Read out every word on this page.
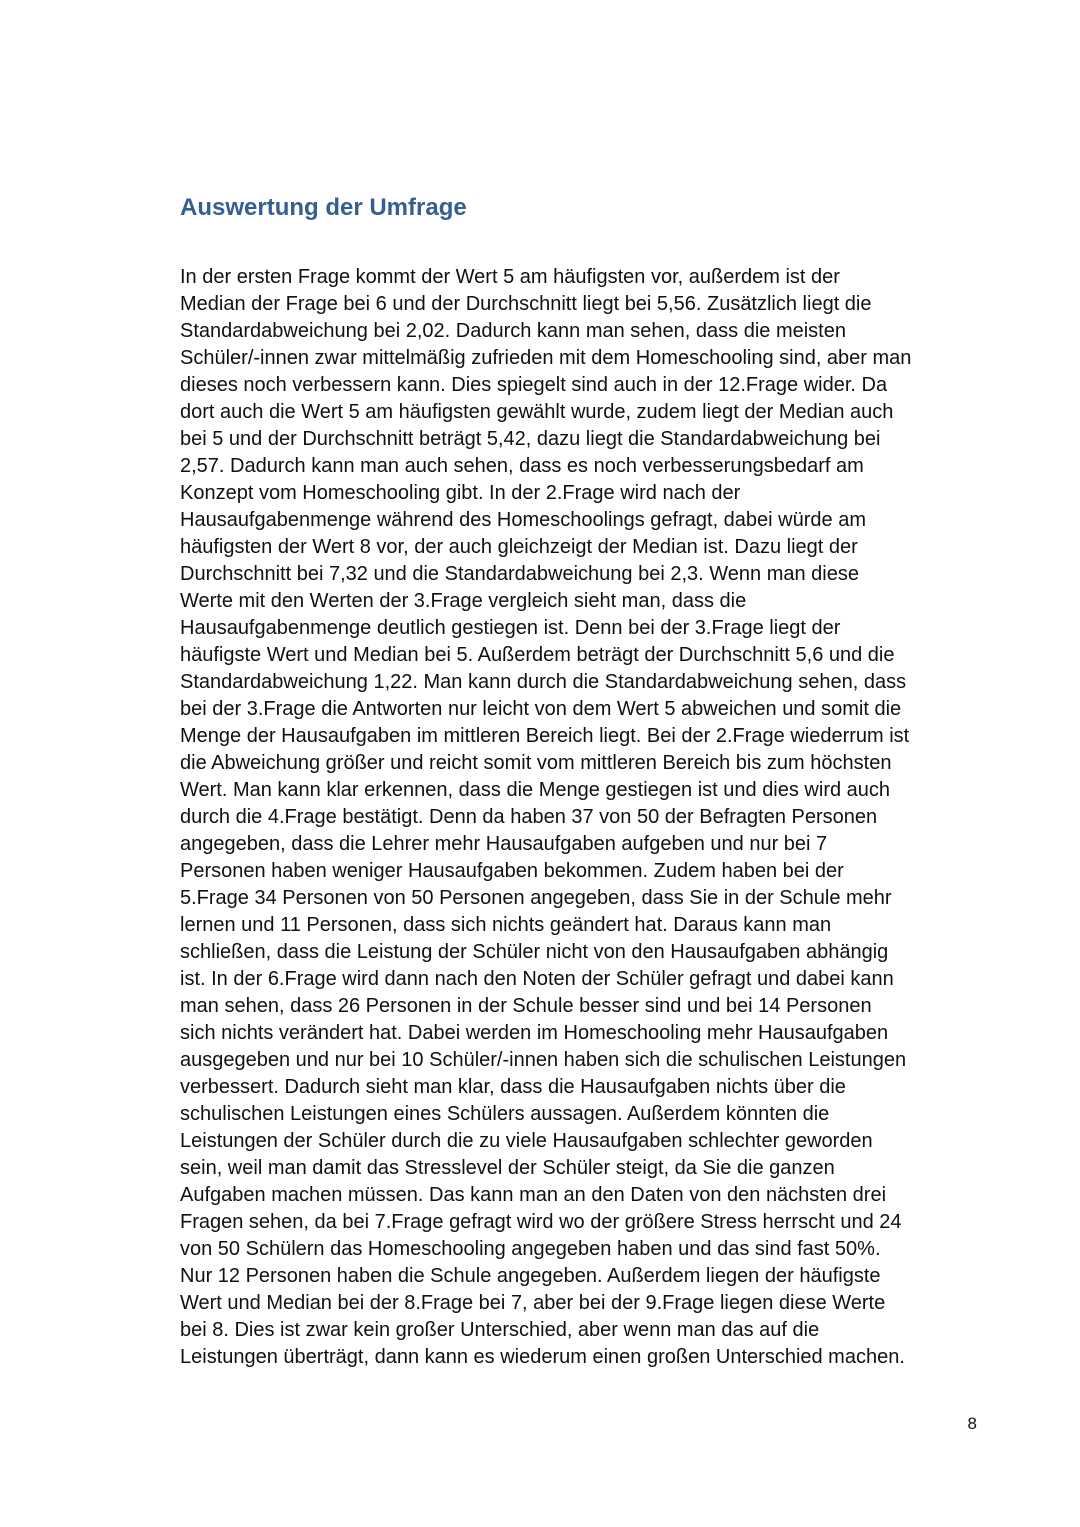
Auswertung der Umfrage
In der ersten Frage kommt der Wert 5 am häufigsten vor, außerdem ist der
Median der Frage bei 6 und der Durchschnitt liegt bei 5,56. Zusätzlich liegt die
Standardabweichung bei 2,02. Dadurch kann man sehen, dass die meisten
Schüler/-innen zwar mittelmäßig zufrieden mit dem Homeschooling sind, aber man
dieses noch verbessern kann. Dies spiegelt sind auch in der 12.Frage wider. Da
dort auch die Wert 5 am häufigsten gewählt wurde, zudem liegt der Median auch
bei 5 und der Durchschnitt beträgt 5,42, dazu liegt die Standardabweichung bei
2,57. Dadurch kann man auch sehen, dass es noch verbesserungsbedarf am
Konzept vom Homeschooling gibt. In der 2.Frage wird nach der
Hausaufgabenmenge während des Homeschoolings gefragt, dabei würde am
häufigsten der Wert 8 vor, der auch gleichzeigt der Median ist. Dazu liegt der
Durchschnitt bei 7,32 und die Standardabweichung bei 2,3. Wenn man diese
Werte mit den Werten der 3.Frage vergleich sieht man, dass die
Hausaufgabenmenge deutlich gestiegen ist. Denn bei der 3.Frage liegt der
häufigste Wert und Median bei 5. Außerdem beträgt der Durchschnitt 5,6 und die
Standardabweichung 1,22. Man kann durch die Standardabweichung sehen, dass
bei der 3.Frage die Antworten nur leicht von dem Wert 5 abweichen und somit die
Menge der Hausaufgaben im mittleren Bereich liegt. Bei der 2.Frage wiederrum ist
die Abweichung größer und reicht somit vom mittleren Bereich bis zum höchsten
Wert. Man kann klar erkennen, dass die Menge gestiegen ist und dies wird auch
durch die 4.Frage bestätigt. Denn da haben 37 von 50 der Befragten Personen
angegeben, dass die Lehrer mehr Hausaufgaben aufgeben und nur bei 7
Personen haben weniger Hausaufgaben bekommen. Zudem haben bei der
5.Frage 34 Personen von 50 Personen angegeben, dass Sie in der Schule mehr
lernen und 11 Personen, dass sich nichts geändert hat. Daraus kann man
schließen, dass die Leistung der Schüler nicht von den Hausaufgaben abhängig
ist. In der 6.Frage wird dann nach den Noten der Schüler gefragt und dabei kann
man sehen, dass 26 Personen in der Schule besser sind und bei 14 Personen
sich nichts verändert hat. Dabei werden im Homeschooling mehr Hausaufgaben
ausgegeben und nur bei 10 Schüler/-innen haben sich die schulischen Leistungen
verbessert. Dadurch sieht man klar, dass die Hausaufgaben nichts über die
schulischen Leistungen eines Schülers aussagen. Außerdem könnten die
Leistungen der Schüler durch die zu viele Hausaufgaben schlechter geworden
sein, weil man damit das Stresslevel der Schüler steigt, da Sie die ganzen
Aufgaben machen müssen. Das kann man an den Daten von den nächsten drei
Fragen sehen, da bei 7.Frage gefragt wird wo der größere Stress herrscht und 24
von 50 Schülern das Homeschooling angegeben haben und das sind fast 50%.
Nur 12 Personen haben die Schule angegeben. Außerdem liegen der häufigste
Wert und Median bei der 8.Frage bei 7, aber bei der 9.Frage liegen diese Werte
bei 8. Dies ist zwar kein großer Unterschied, aber wenn man das auf die
Leistungen überträgt, dann kann es wiederum einen großen Unterschied machen.
8
